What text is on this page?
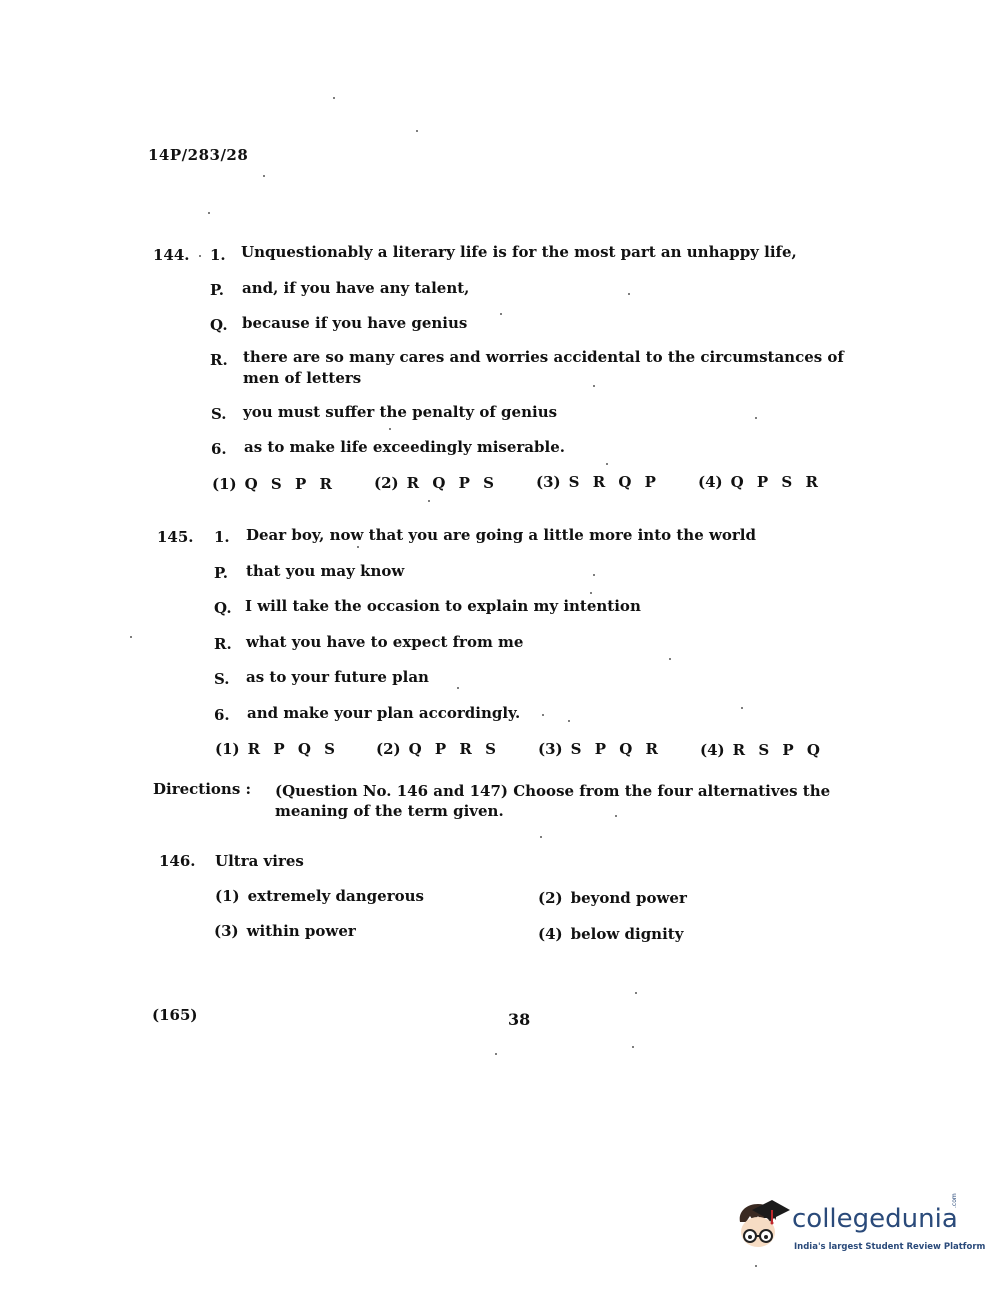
14P/283/28
144. 1. Unquestionably a literary life is for the most part an unhappy life,
P. and, if you have any talent,
Q. because if you have genius
R. there are so many cares and worries accidental to the circumstances of men of letters
S. you must suffer the penalty of genius
6. as to make life exceedingly miserable.
(1) Q S P R	(2) R Q P S	(3) S R Q P	(4) Q P S R
145. 1. Dear boy, now that you are going a little more into the world
P. that you may know
Q. I will take the occasion to explain my intention
R. what you have to expect from me
S. as to your future plan
6. and make your plan accordingly.
(1) R P Q S (2) Q P R S	(3) S P Q R	(4) R S P Q
Directions : (Question No. 146 and 147) Choose from the four alternatives the meaning of the term given.
146. Ultra vires
(1) extremely dangerous	(2) beyond power
(3) within power	(4) below dignity
(165)	38
collegedunia
.com
India's largest Student Review Platform
